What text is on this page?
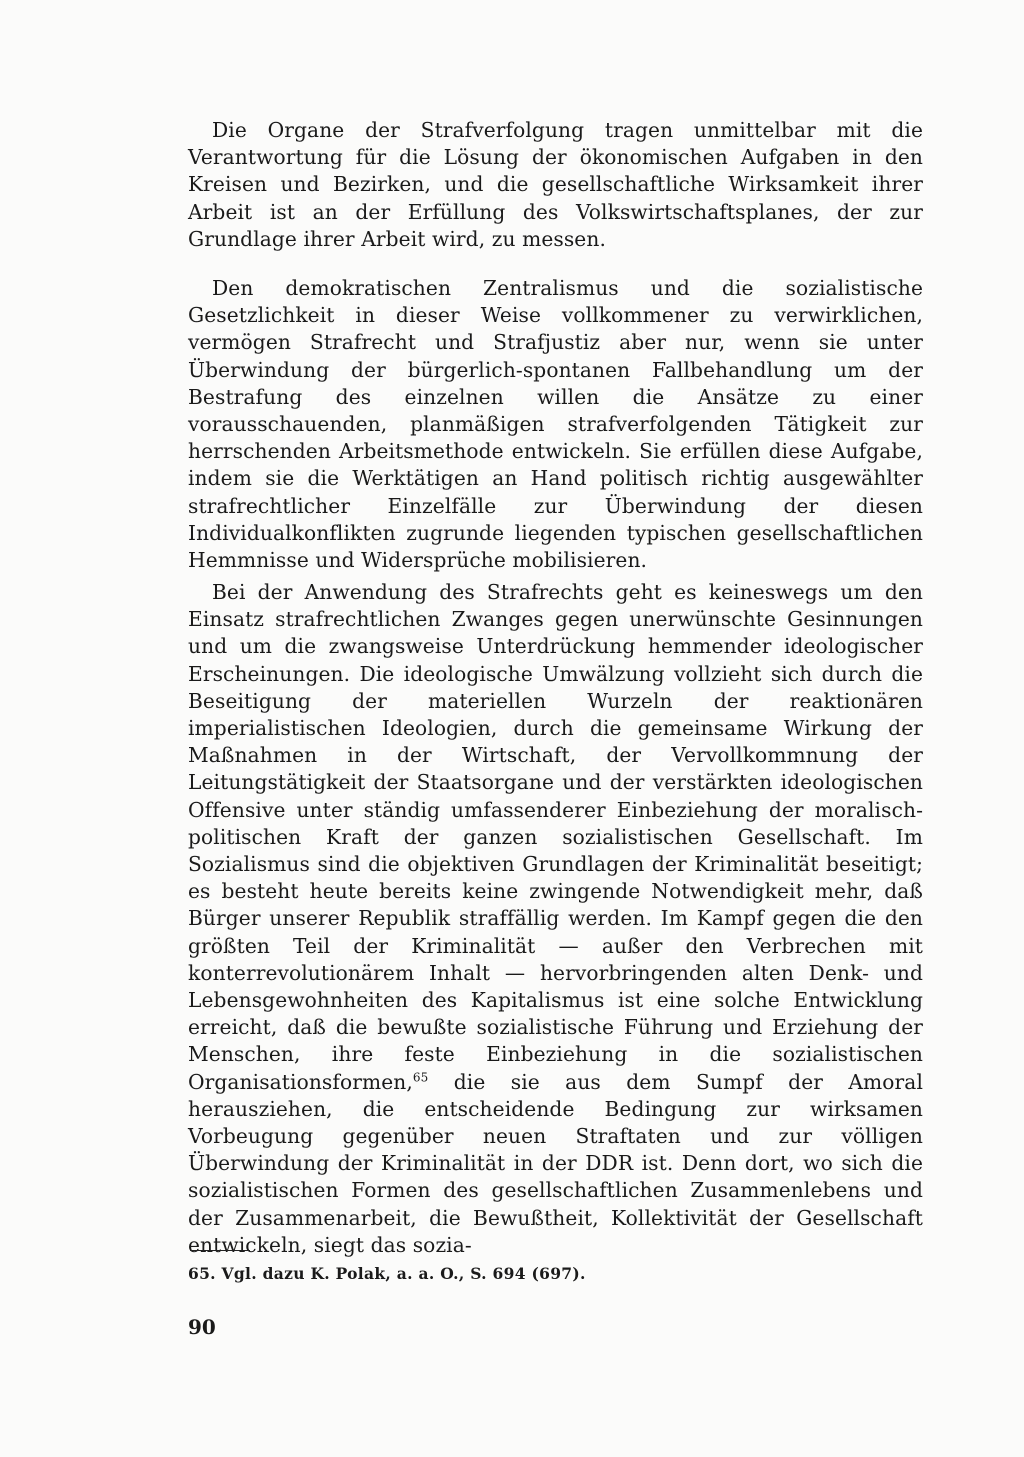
Die Organe der Strafverfolgung tragen unmittelbar mit die Verantwortung für die Lösung der ökonomischen Aufgaben in den Kreisen und Bezirken, und die gesellschaftliche Wirksamkeit ihrer Arbeit ist an der Erfüllung des Volkswirtschaftsplanes, der zur Grundlage ihrer Arbeit wird, zu messen.

Den demokratischen Zentralismus und die sozialistische Gesetzlichkeit in dieser Weise vollkommener zu verwirklichen, vermögen Strafrecht und Strafjustiz aber nur, wenn sie unter Überwindung der bürgerlich-spontanen Fallbehandlung um der Bestrafung des einzelnen willen die Ansätze zu einer vorausschauenden, planmäßigen strafverfolgenden Tätigkeit zur herrschenden Arbeitsmethode entwickeln. Sie erfüllen diese Aufgabe, indem sie die Werktätigen an Hand politisch richtig ausgewählter strafrechtlicher Einzelfälle zur Überwindung der diesen Individualkonflikten zugrunde liegenden typischen gesellschaftlichen Hemmnisse und Widersprüche mobilisieren.

Bei der Anwendung des Strafrechts geht es keineswegs um den Einsatz strafrechtlichen Zwanges gegen unerwünschte Gesinnungen und um die zwangsweise Unterdrückung hemmender ideologischer Erscheinungen. Die ideologische Umwälzung vollzieht sich durch die Beseitigung der materiellen Wurzeln der reaktionären imperialistischen Ideologien, durch die gemeinsame Wirkung der Maßnahmen in der Wirtschaft, der Vervollkommnung der Leitungstätigkeit der Staatsorgane und der verstärkten ideologischen Offensive unter ständig umfassenderer Einbeziehung der moralisch-politischen Kraft der ganzen sozialistischen Gesellschaft. Im Sozialismus sind die objektiven Grundlagen der Kriminalität beseitigt; es besteht heute bereits keine zwingende Notwendigkeit mehr, daß Bürger unserer Republik straffällig werden. Im Kampf gegen die den größten Teil der Kriminalität — außer den Verbrechen mit konterrevolutionärem Inhalt — hervorbringenden alten Denk- und Lebensgewohnheiten des Kapitalismus ist eine solche Entwicklung erreicht, daß die bewußte sozialistische Führung und Erziehung der Menschen, ihre feste Einbeziehung in die sozialistischen Organisationsformen,$^{65}$ die sie aus dem Sumpf der Amoral herausziehen, die entscheidende Bedingung zur wirksamen Vorbeugung gegenüber neuen Straftaten und zur völligen Überwindung der Kriminalität in der DDR ist. Denn dort, wo sich die sozialistischen Formen des gesellschaftlichen Zusammenlebens und der Zusammenarbeit, die Bewußtheit, Kollektivität der Gesellschaft entwickeln, siegt das sozia-

65. Vgl. dazu K. Polak, a. a. O., S. 694 (697).
90
